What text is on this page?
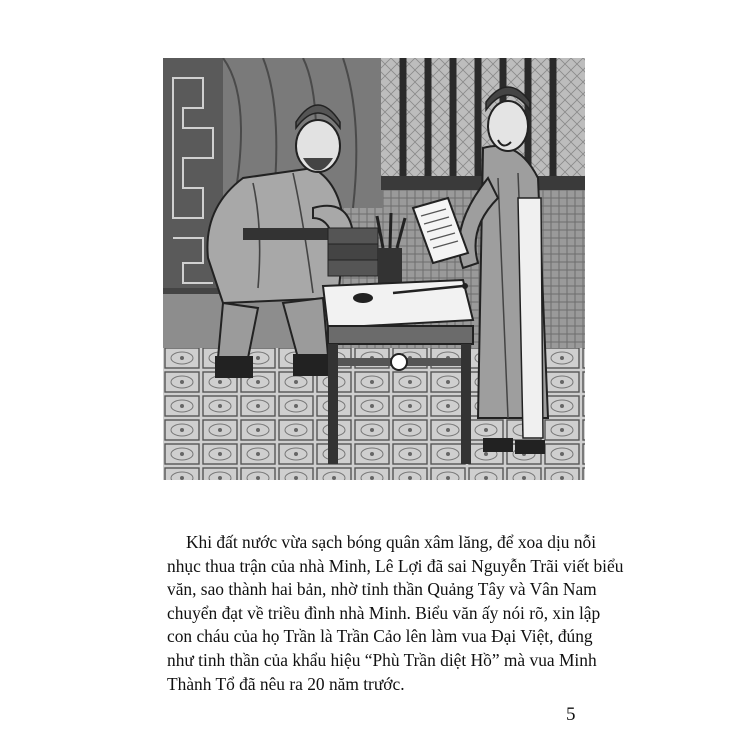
Khi đất nước vừa sạch bóng quân xâm lăng, để xoa dịu nỗi
nhục thua trận của nhà Minh, Lê Lợi đã sai Nguyễn Trãi viết biểu
văn, sao thành hai bản, nhờ tỉnh thần Quảng Tây và Vân Nam
chuyển đạt về triều đình nhà Minh. Biểu văn ấy nói rõ, xin lập
con cháu của họ Trần là Trần Cảo lên làm vua Đại Việt, đúng
như tinh thần của khẩu hiệu “Phù Trần diệt Hồ” mà vua Minh
Thành Tổ đã nêu ra 20 năm trước.

5
